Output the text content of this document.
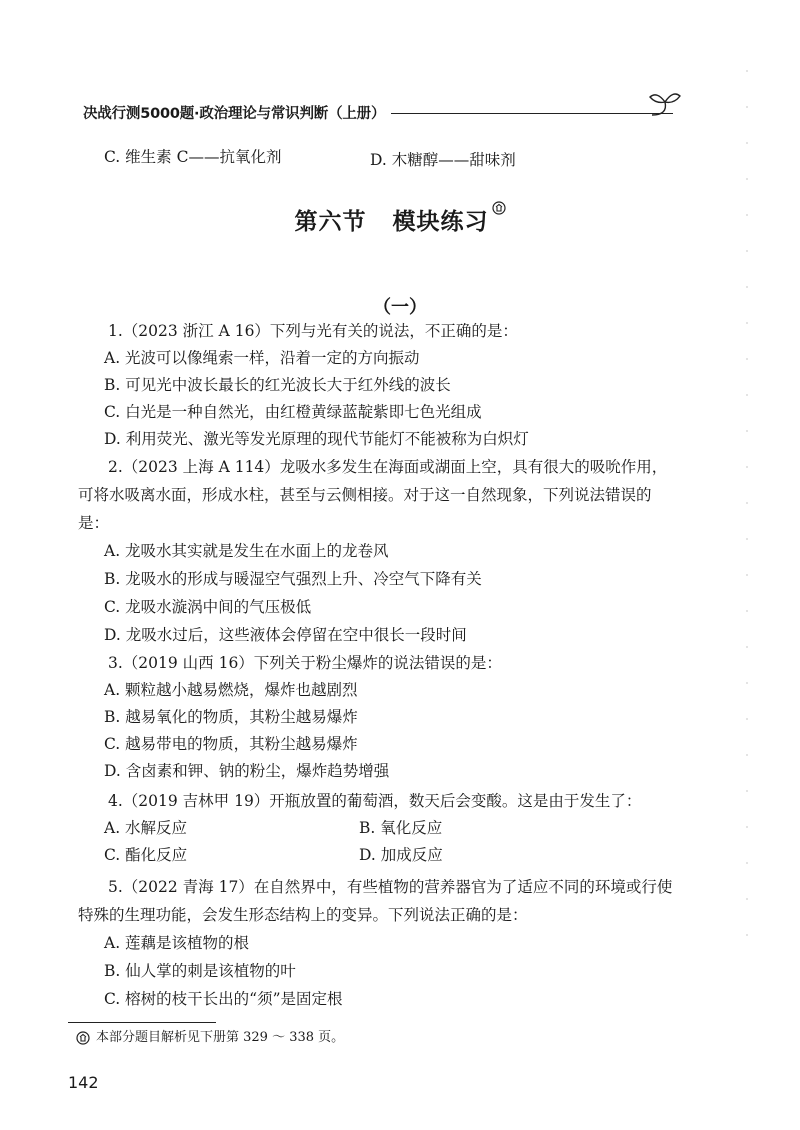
决战行测5000题·政治理论与常识判断（上册）
C. 维生素 C——抗氧化剂	D. 木糖醇——甜味剂
第六节 模块练习
（一）
1.（2023 浙江 A 16）下列与光有关的说法，不正确的是：
A. 光波可以像绳索一样，沿着一定的方向振动
B. 可见光中波长最长的红光波长大于红外线的波长
C. 白光是一种自然光，由红橙黄绿蓝靛紫即七色光组成
D. 利用荧光、激光等发光原理的现代节能灯不能被称为白炽灯
2.（2023 上海 A 114）龙吸水多发生在海面或湖面上空，具有很大的吸吮作用，可将水吸离水面，形成水柱，甚至与云侧相接。对于这一自然现象，下列说法错误的是：
A. 龙吸水其实就是发生在水面上的龙卷风
B. 龙吸水的形成与暖湿空气强烈上升、冷空气下降有关
C. 龙吸水漩涡中间的气压极低
D. 龙吸水过后，这些液体会停留在空中很长一段时间
3.（2019 山西 16）下列关于粉尘爆炸的说法错误的是：
A. 颗粒越小越易燃烧，爆炸也越剧烈
B. 越易氧化的物质，其粉尘越易爆炸
C. 越易带电的物质，其粉尘越易爆炸
D. 含卤素和钾、钠的粉尘，爆炸趋势增强
4.（2019 吉林甲 19）开瓶放置的葡萄酒，数天后会变酸。这是由于发生了：
A. 水解反应	B. 氧化反应
C. 酯化反应	D. 加成反应
5.（2022 青海 17）在自然界中，有些植物的营养器官为了适应不同的环境或行使特殊的生理功能，会发生形态结构上的变异。下列说法正确的是：
A. 莲藕是该植物的根
B. 仙人掌的刺是该植物的叶
C. 榕树的枝干长出的“须”是固定根
本部分题目解析见下册第 329 ～ 338 页。
142
